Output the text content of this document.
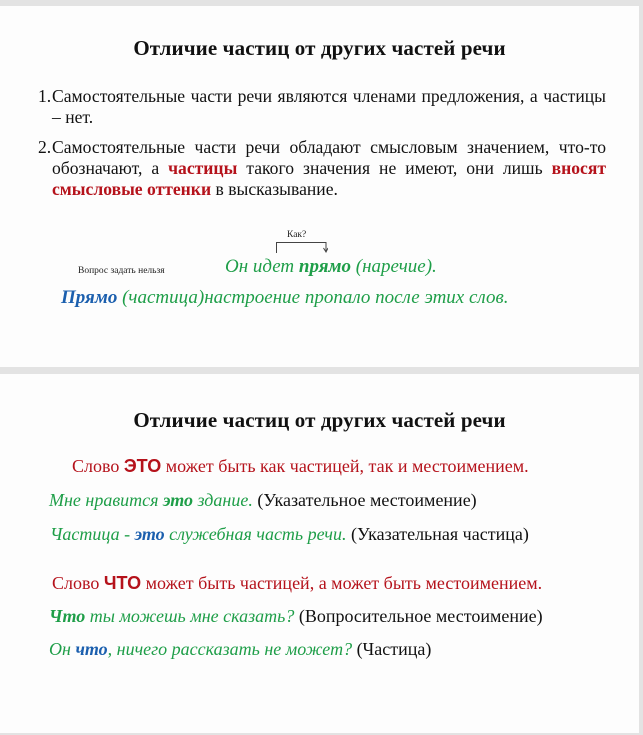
Отличие частиц от других частей речи
1. Самостоятельные части речи являются членами предложения, а частицы – нет.
2. Самостоятельные части речи обладают смысловым значением, что-то обозначают, а частицы такого значения не имеют, они лишь вносят смысловые оттенки в высказывание.
Как?
Вопрос задать нельзя	Он идет прямо (наречие).
Прямо (частица)настроение пропало после этих слов.
Отличие частиц от других частей речи
Слово ЭТО может быть как частицей, так и местоимением.
Мне нравится это здание. (Указательное местоимение)
Частица - это служебная часть речи. (Указательная частица)
Слово ЧТО может быть частицей, а может быть местоимением.
Что ты можешь мне сказать? (Вопросительное местоимение)
Он что, ничего рассказать не может? (Частица)
